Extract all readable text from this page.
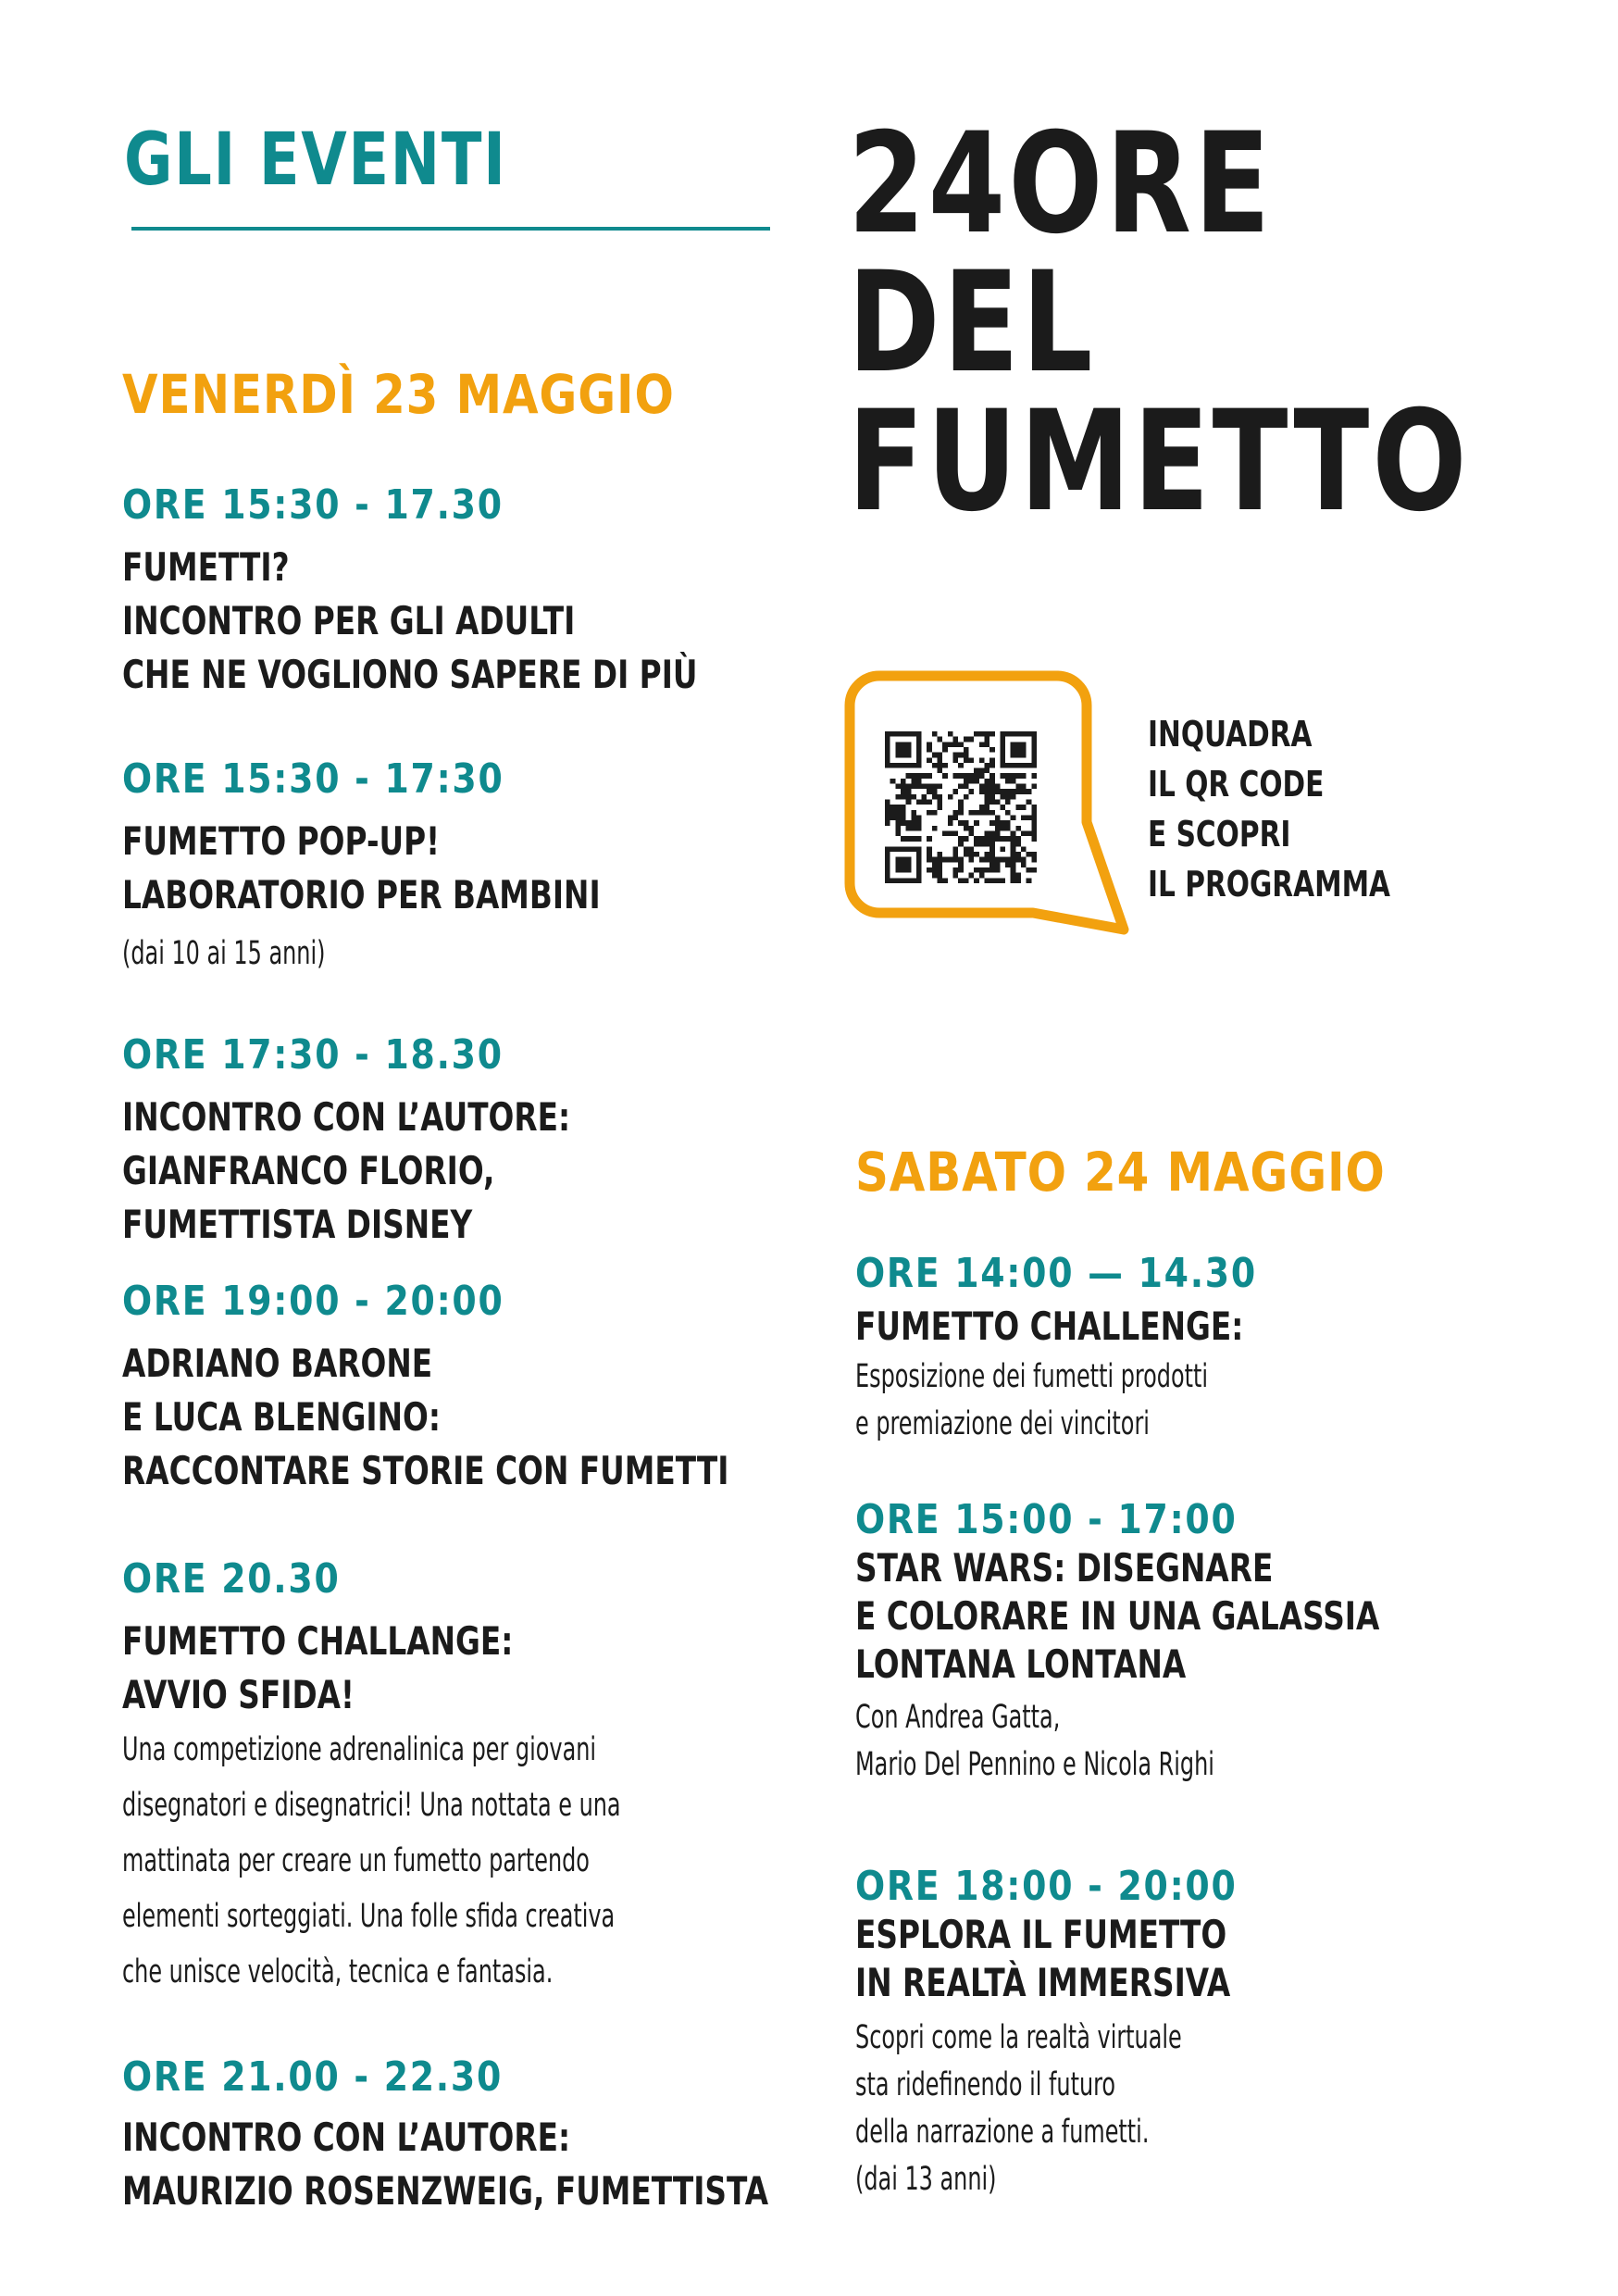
GLI EVENTI
VENERDÌ 23 MAGGIO
ORE 15:30 - 17.30
FUMETTI?
INCONTRO PER GLI ADULTI
CHE NE VOGLIONO SAPERE DI PIÙ
ORE 15:30 - 17:30
FUMETTO POP-UP!
LABORATORIO PER BAMBINI
(dai 10 ai 15 anni)
ORE 17:30 - 18.30
INCONTRO CON L’AUTORE:
GIANFRANCO FLORIO,
FUMETTISTA DISNEY
ORE 19:00 - 20:00
ADRIANO BARONE
E LUCA BLENGINO:
RACCONTARE STORIE CON FUMETTI
ORE 20.30
FUMETTO CHALLANGE:
AVVIO SFIDA!
Una competizione adrenalinica per giovani
disegnatori e disegnatrici! Una nottata e una
mattinata per creare un fumetto partendo
elementi sorteggiati. Una folle sfida creativa
che unisce velocità, tecnica e fantasia.
ORE 21.00 - 22.30
INCONTRO CON L’AUTORE:
MAURIZIO ROSENZWEIG, FUMETTISTA
24ORE
DEL
FUMETTO
INQUADRA
IL QR CODE
E SCOPRI
IL PROGRAMMA
SABATO 24 MAGGIO
ORE 14:00 — 14.30
FUMETTO CHALLENGE:
Esposizione dei fumetti prodotti
e premiazione dei vincitori
ORE 15:00 - 17:00
STAR WARS: DISEGNARE
E COLORARE IN UNA GALASSIA
LONTANA LONTANA
Con Andrea Gatta,
Mario Del Pennino e Nicola Righi
ORE 18:00 - 20:00
ESPLORA IL FUMETTO
IN REALTÀ IMMERSIVA
Scopri come la realtà virtuale
sta ridefinendo il futuro
della narrazione a fumetti.
(dai 13 anni)
